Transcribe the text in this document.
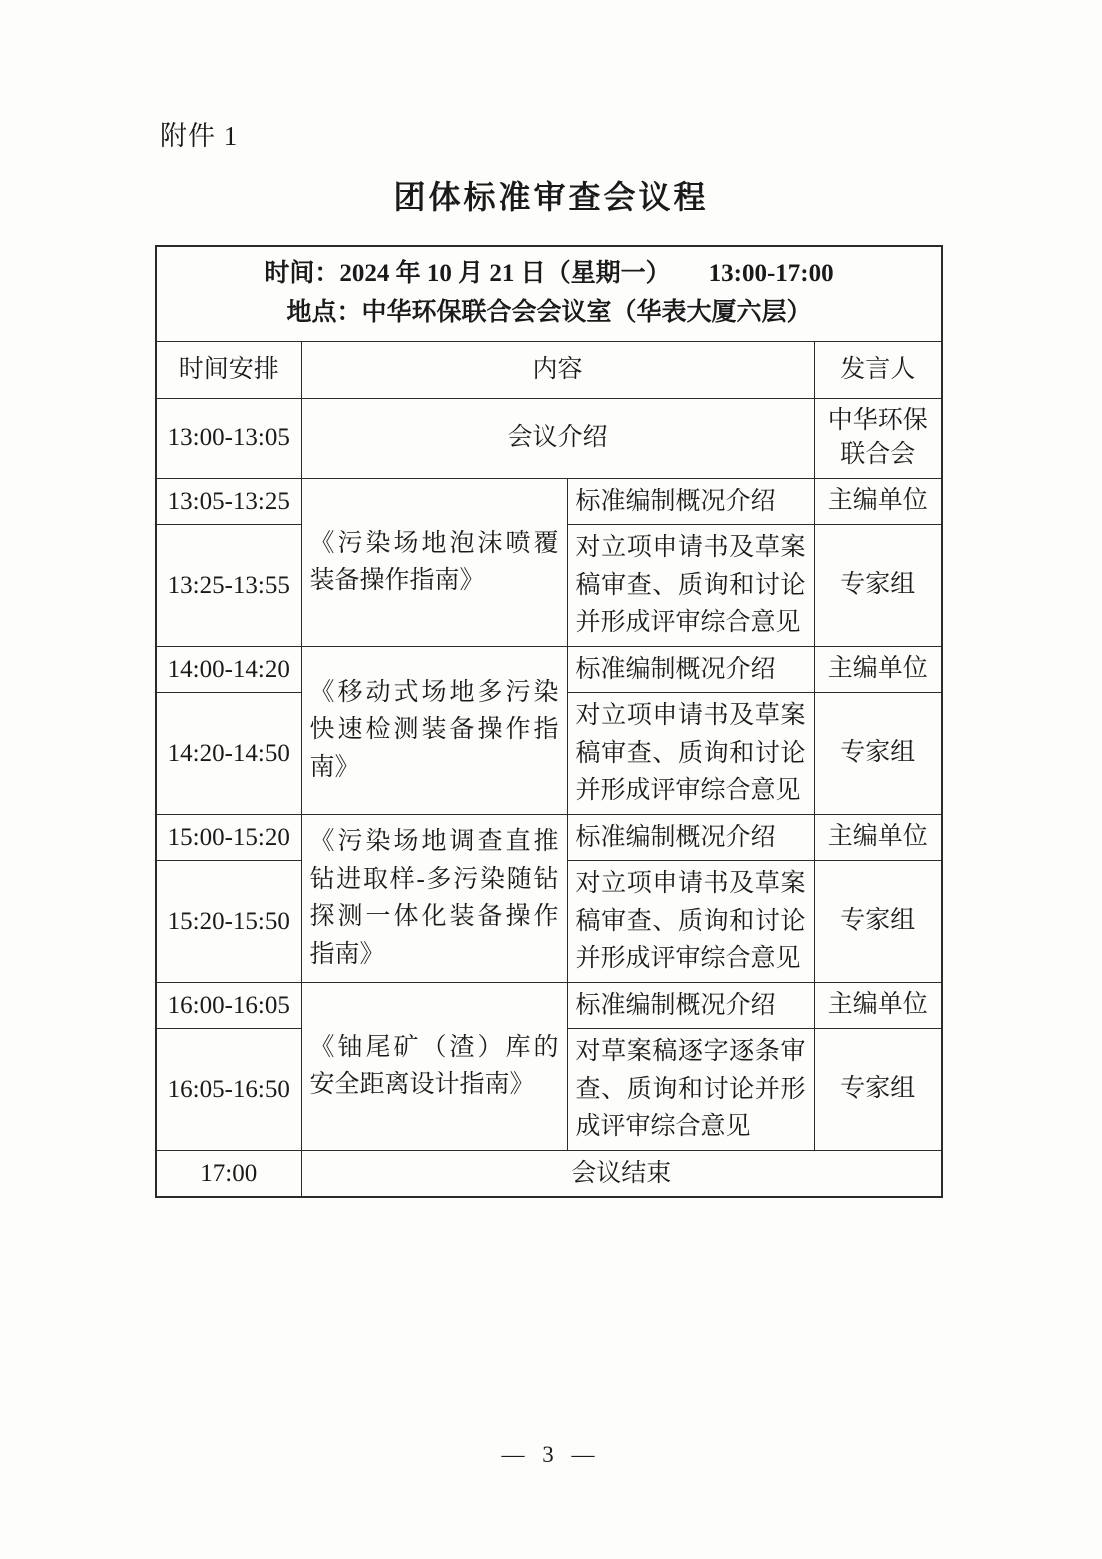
附件 1
团体标准审查会议程
时间：2024 年 10 月 21 日（星期一） 13:00-17:00
地点：中华环保联合会会议室（华表大厦六层）			

时间安排	内容		发言人
13:00-13:05	会议介绍		中华环保联合会
13:05-13:25	《污染场地泡沫喷覆装备操作指南》	标准编制概况介绍	主编单位
13:25-13:55		对立项申请书及草案稿审查、质询和讨论并形成评审综合意见	专家组
14:00-14:20	《移动式场地多污染快速检测装备操作指南》	标准编制概况介绍	主编单位
14:20-14:50		对立项申请书及草案稿审查、质询和讨论并形成评审综合意见	专家组
15:00-15:20	《污染场地调查直推钻进取样-多污染随钻探测一体化装备操作指南》	标准编制概况介绍	主编单位
15:20-15:50		对立项申请书及草案稿审查、质询和讨论并形成评审综合意见	专家组
16:00-16:05	《铀尾矿（渣）库的安全距离设计指南》	标准编制概况介绍	主编单位
16:05-16:50		对草案稿逐字逐条审查、质询和讨论并形成评审综合意见	专家组
17:00	会议结束		
— 3 —
